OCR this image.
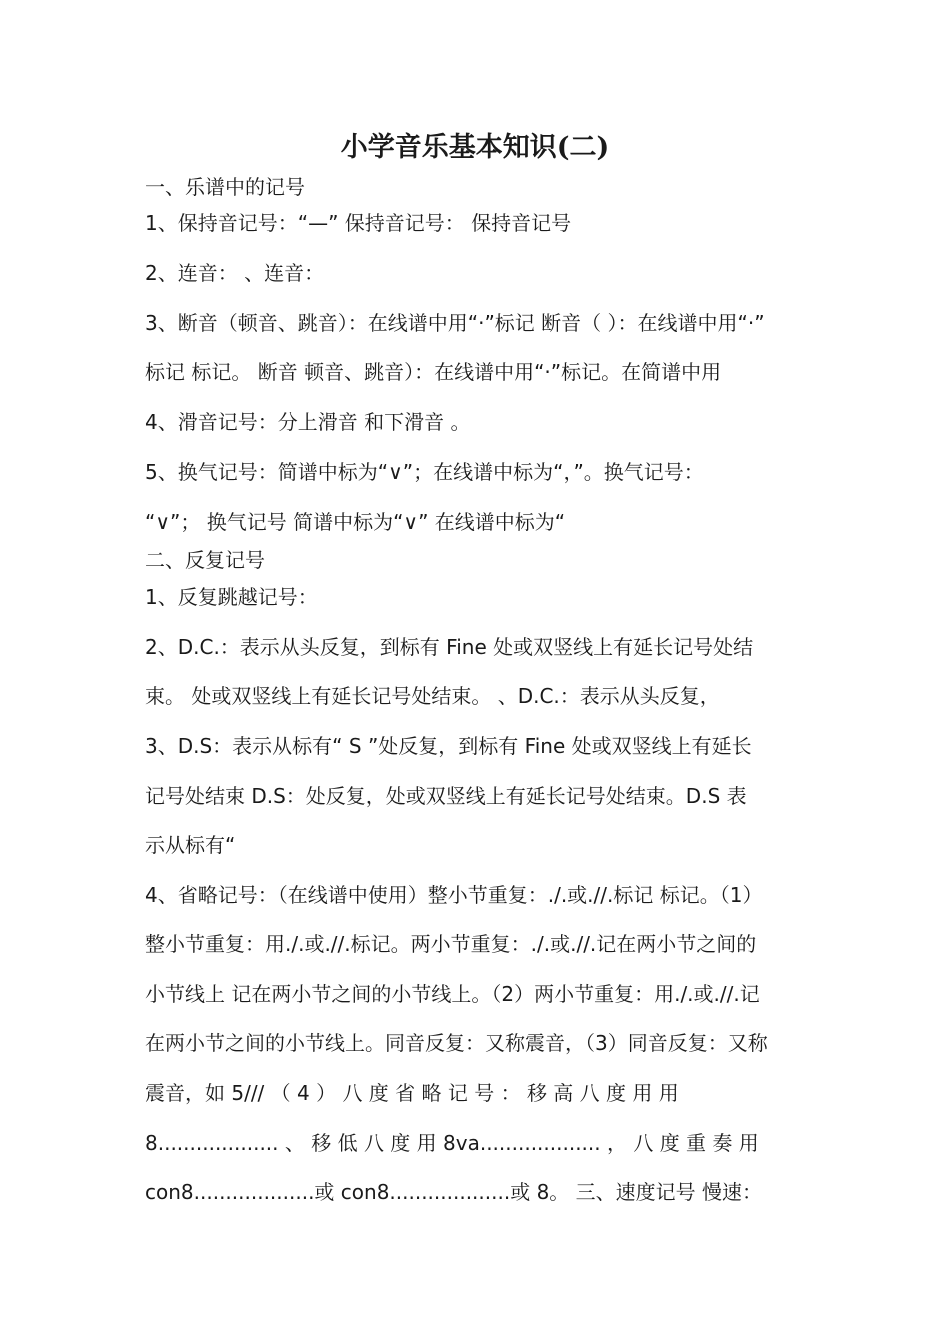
小学音乐基本知识(二)
一、乐谱中的记号
1、保持音记号：“—” 保持音记号： 保持音记号
2、连音： 、连音：
3、断音（顿音、跳音）：在线谱中用“·”标记 断音（ ）：在线谱中用“·”
标记 标记。 断音 顿音、跳音）：在线谱中用“·”标记。在简谱中用
4、滑音记号：分上滑音 和下滑音 。
5、换气记号：简谱中标为“∨”；在线谱中标为“，”。换气记号：
“∨”； 换气记号 简谱中标为“∨” 在线谱中标为“
二、反复记号
1、反复跳越记号：
2、D.C.：表示从头反复，到标有 Fine 处或双竖线上有延长记号处结
束。 处或双竖线上有延长记号处结束。 、D.C.：表示从头反复，
3、D.S：表示从标有“ S ”处反复，到标有 Fine 处或双竖线上有延长
记号处结束 D.S：处反复，处或双竖线上有延长记号处结束。D.S 表
示从标有“
4、省略记号：（在线谱中使用）整小节重复：./.或.//.标记 标记。（1）
整小节重复：用./.或.//.标记。两小节重复：./.或.//.记在两小节之间的
小节线上 记在两小节之间的小节线上。（2）两小节重复：用./.或.//.记
在两小节之间的小节线上。同音反复：又称震音，（3）同音反复：又称
震音，如 5/// （ 4 ） 八 度 省 略 记 号 ： 移 高 八 度 用 用
8................... 、 移 低 八 度 用 8va................... ， 八 度 重 奏 用
con8...................或 con8...................或 8。 三、速度记号 慢速：
